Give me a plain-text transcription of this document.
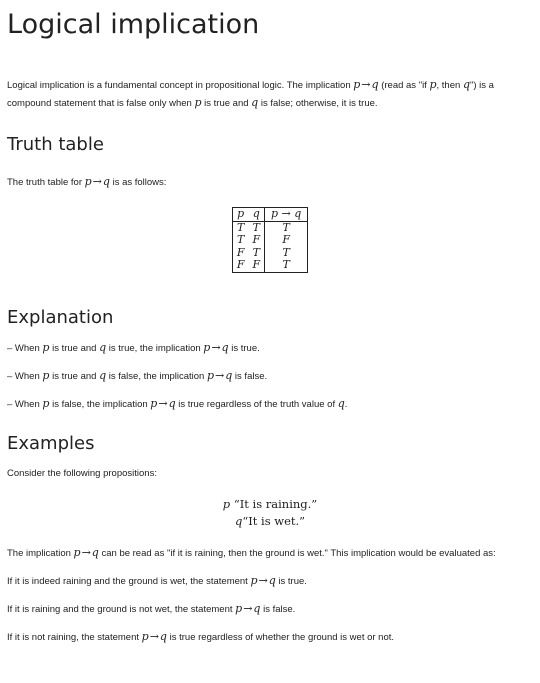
Logical implication

Logical implication is a fundamental concept in propositional logic. The implication p→q (read as "if p, then q") is a compound statement that is false only when p is true and q is false; otherwise, it is true.

Truth table

The truth table for p→q is as follows:

p	q	p → q
T	T	T
T	F	F
F	T	T
F	F	T
Explanation

– When p is true and q is true, the implication p→q is true.

– When p is true and q is false, the implication p→q is false.

– When p is false, the implication p→q is true regardless of the truth value of q.

Examples

Consider the following propositions:

p “It is raining.”
q“It is wet.”

The implication p→q can be read as "if it is raining, then the ground is wet." This implication would be evaluated as:

If it is indeed raining and the ground is wet, the statement p→q is true.

If it is raining and the ground is not wet, the statement p→q is false.

If it is not raining, the statement p→q is true regardless of whether the ground is wet or not.
